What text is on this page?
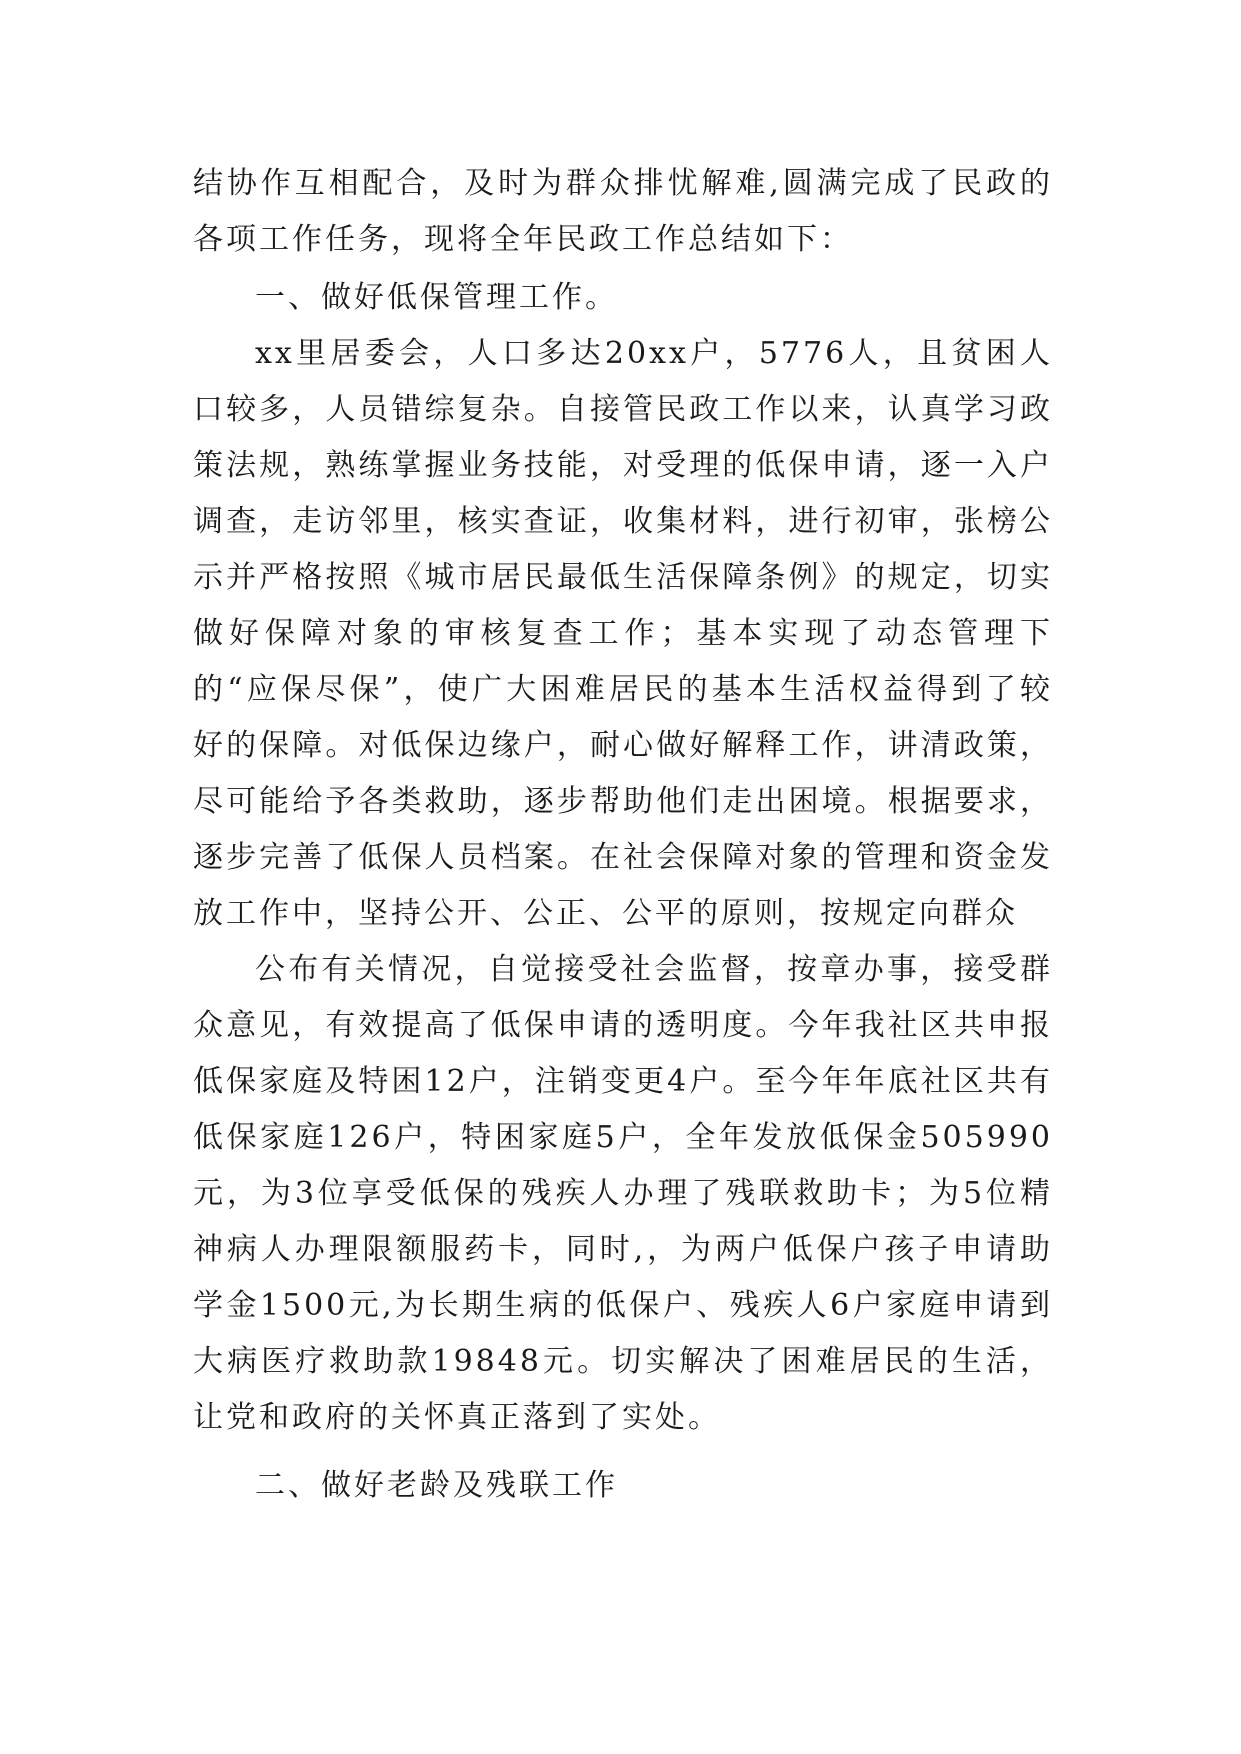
结协作互相配合，及时为群众排忧解难,圆满完成了民政的各项工作任务，现将全年民政工作总结如下：

一、做好低保管理工作。

xx里居委会，人口多达20xx户，5776人，且贫困人口较多，人员错综复杂。自接管民政工作以来，认真学习政策法规，熟练掌握业务技能，对受理的低保申请，逐一入户调查，走访邻里，核实查证，收集材料，进行初审，张榜公示并严格按照《城市居民最低生活保障条例》的规定，切实做好保障对象的审核复查工作；基本实现了动态管理下的“应保尽保”，使广大困难居民的基本生活权益得到了较好的保障。对低保边缘户，耐心做好解释工作，讲清政策，尽可能给予各类救助，逐步帮助他们走出困境。根据要求，逐步完善了低保人员档案。在社会保障对象的管理和资金发放工作中，坚持公开、公正、公平的原则，按规定向群众

公布有关情况，自觉接受社会监督，按章办事，接受群众意见，有效提高了低保申请的透明度。今年我社区共申报低保家庭及特困12户，注销变更4户。至今年年底社区共有低保家庭126户，特困家庭5户，全年发放低保金505990元，为3位享受低保的残疾人办理了残联救助卡；为5位精神病人办理限额服药卡，同时,，为两户低保户孩子申请助学金1500元,为长期生病的低保户、残疾人6户家庭申请到大病医疗救助款19848元。切实解决了困难居民的生活，让党和政府的关怀真正落到了实处。

二、做好老龄及残联工作
